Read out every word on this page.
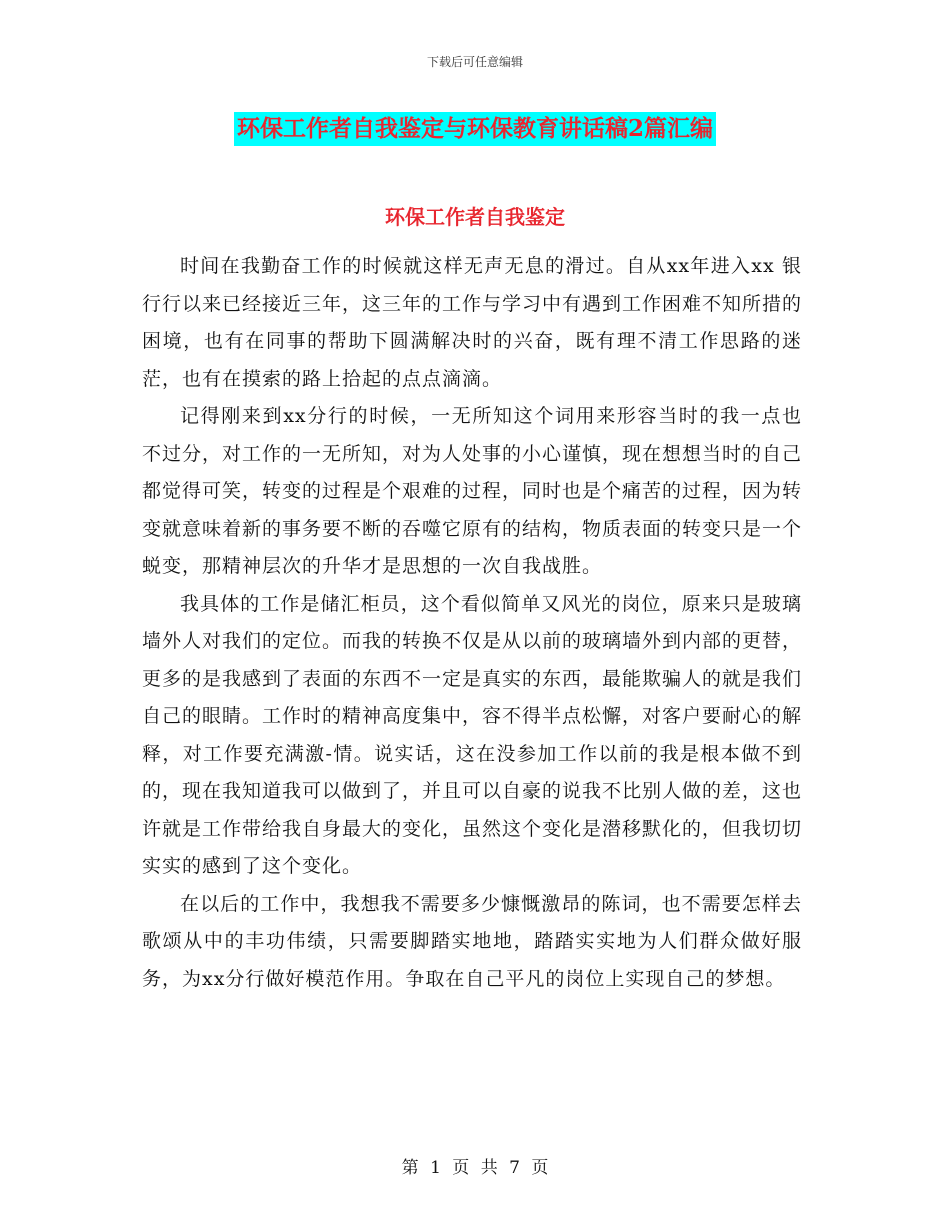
下载后可任意编辑
环保工作者自我鉴定与环保教育讲话稿2篇汇编
环保工作者自我鉴定

时间在我勤奋工作的时候就这样无声无息的滑过。自从xx年进入xx 银行行以来已经接近三年，这三年的工作与学习中有遇到工作困难不知所措的困境，也有在同事的帮助下圆满解决时的兴奋，既有理不清工作思路的迷茫，也有在摸索的路上拾起的点点滴滴。

记得刚来到xx分行的时候，一无所知这个词用来形容当时的我一点也不过分，对工作的一无所知，对为人处事的小心谨慎，现在想想当时的自己都觉得可笑，转变的过程是个艰难的过程，同时也是个痛苦的过程，因为转变就意味着新的事务要不断的吞噬它原有的结构，物质表面的转变只是一个蜕变，那精神层次的升华才是思想的一次自我战胜。

我具体的工作是储汇柜员，这个看似简单又风光的岗位，原来只是玻璃墙外人对我们的定位。而我的转换不仅是从以前的玻璃墙外到内部的更替，更多的是我感到了表面的东西不一定是真实的东西，最能欺骗人的就是我们自己的眼睛。工作时的精神高度集中，容不得半点松懈，对客户要耐心的解释，对工作要充满激-情。说实话，这在没参加工作以前的我是根本做不到的，现在我知道我可以做到了，并且可以自豪的说我不比别人做的差，这也许就是工作带给我自身最大的变化，虽然这个变化是潜移默化的，但我切切实实的感到了这个变化。

在以后的工作中，我想我不需要多少慷慨激昂的陈词，也不需要怎样去歌颂从中的丰功伟绩，只需要脚踏实地地，踏踏实实地为人们群众做好服务，为xx分行做好模范作用。争取在自己平凡的岗位上实现自己的梦想。

第 1 页 共 7 页
